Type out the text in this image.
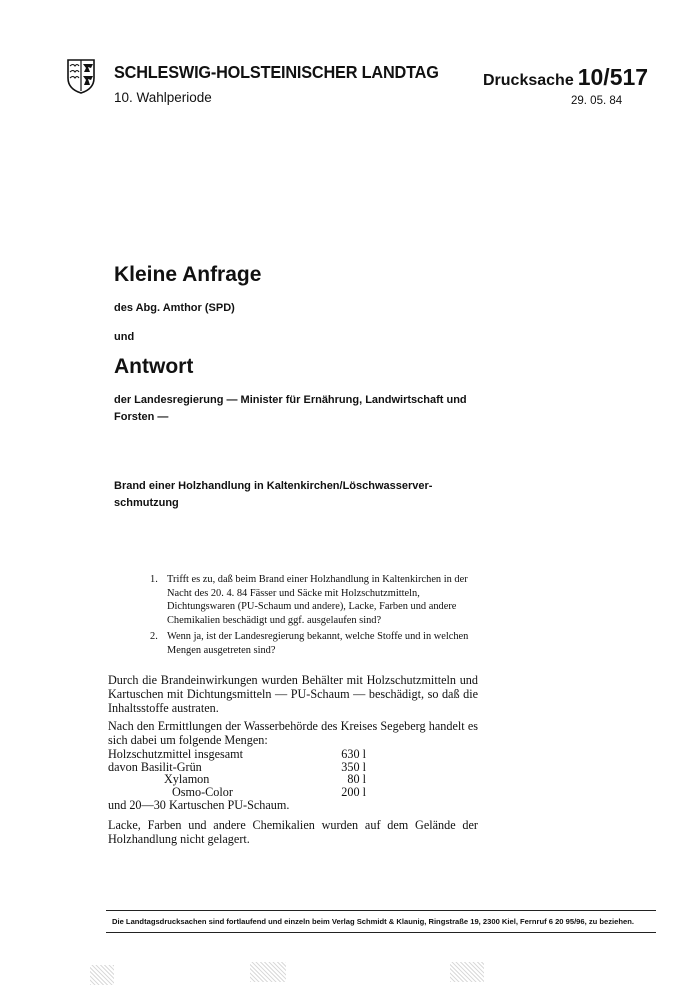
SCHLESWIG-HOLSTEINISCHER LANDTAG
10. Wahlperiode
Drucksache 10/517
29. 05. 84
Kleine Anfrage
des Abg. Amthor (SPD)
und
Antwort
der Landesregierung — Minister für Ernährung, Landwirtschaft und Forsten —
Brand einer Holzhandlung in Kaltenkirchen/Löschwasserver-schmutzung
1. Trifft es zu, daß beim Brand einer Holzhandlung in Kaltenkirchen in der Nacht des 20. 4. 84 Fässer und Säcke mit Holzschutzmitteln, Dichtungswaren (PU-Schaum und andere), Lacke, Farben und andere Chemikalien beschädigt und ggf. ausgelaufen sind?
2. Wenn ja, ist der Landesregierung bekannt, welche Stoffe und in welchen Mengen ausgetreten sind?

Durch die Brandeinwirkungen wurden Behälter mit Holzschutzmitteln und Kartuschen mit Dichtungsmitteln — PU-Schaum — beschädigt, so daß die Inhaltsstoffe austraten.

Nach den Ermittlungen der Wasserbehörde des Kreises Segeberg handelt es sich dabei um folgende Mengen:

Holzschutzmittel insgesamt	630 l
davon Basilit-Grün	350 l
Xylamon	80 l
Osmo-Color	200 l

und 20—30 Kartuschen PU-Schaum.

Lacke, Farben und andere Chemikalien wurden auf dem Gelände der Holzhandlung nicht gelagert.

Die Landtagsdrucksachen sind fortlaufend und einzeln beim Verlag Schmidt & Klaunig, Ringstraße 19, 2300 Kiel, Fernruf 6 20 95/96, zu beziehen.
